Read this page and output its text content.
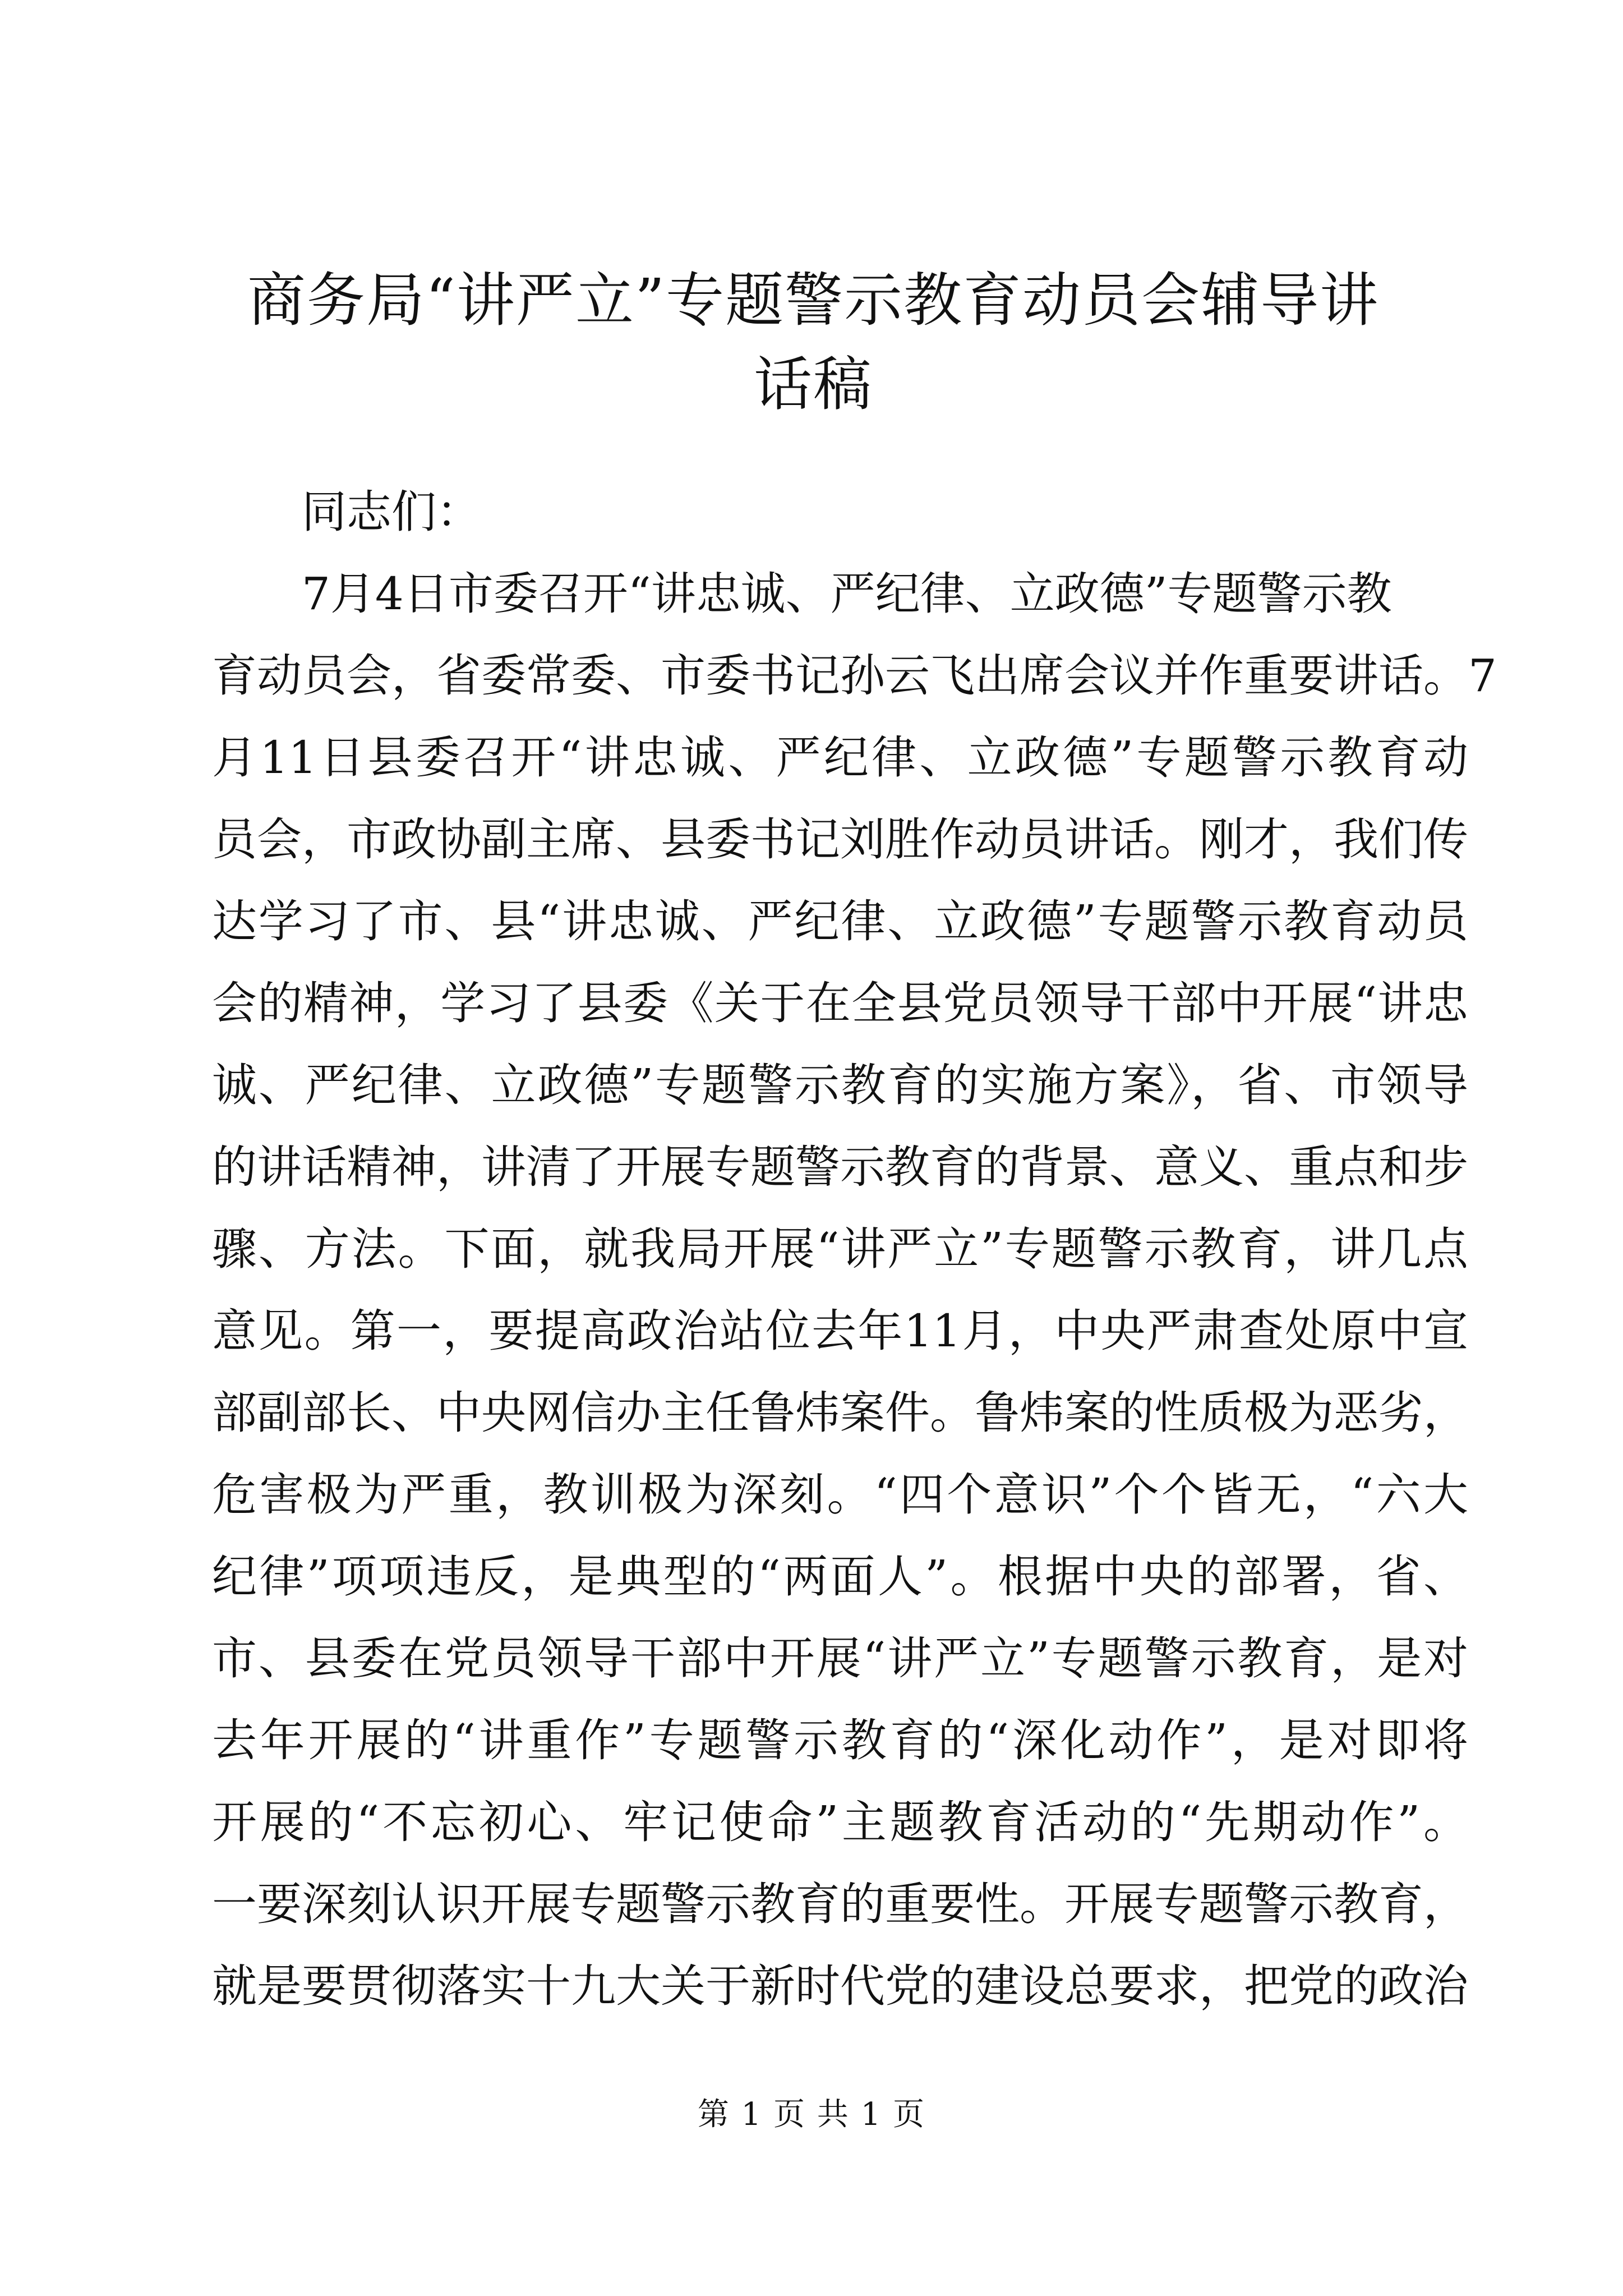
商务局“讲严立”专题警示教育动员会辅导讲
话稿
同志们：
7月4日市委召开“讲忠诚、严纪律、立政德”专题警示教
育动员会，省委常委、市委书记孙云飞出席会议并作重要讲话。7
月11日县委召开“讲忠诚、严纪律、立政德”专题警示教育动
员会，市政协副主席、县委书记刘胜作动员讲话。刚才，我们传
达学习了市、县“讲忠诚、严纪律、立政德”专题警示教育动员
会的精神，学习了县委《关于在全县党员领导干部中开展“讲忠
诚、严纪律、立政德”专题警示教育的实施方案》，省、市领导
的讲话精神，讲清了开展专题警示教育的背景、意义、重点和步
骤、方法。下面，就我局开展“讲严立”专题警示教育，讲几点
意见。第一，要提高政治站位去年11月，中央严肃查处原中宣
部副部长、中央网信办主任鲁炜案件。鲁炜案的性质极为恶劣，
危害极为严重，教训极为深刻。“四个意识”个个皆无，“六大
纪律”项项违反，是典型的“两面人”。根据中央的部署，省、
市、县委在党员领导干部中开展“讲严立”专题警示教育，是对
去年开展的“讲重作”专题警示教育的“深化动作”，是对即将
开展的“不忘初心、牢记使命”主题教育活动的“先期动作”。
一要深刻认识开展专题警示教育的重要性。开展专题警示教育，
就是要贯彻落实十九大关于新时代党的建设总要求，把党的政治
第 1 页 共 1 页
